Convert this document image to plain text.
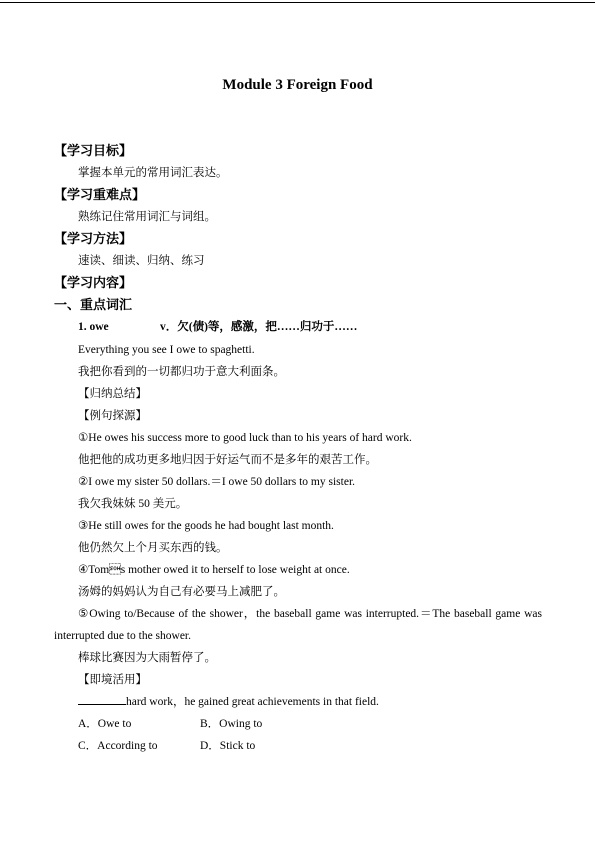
Module 3 Foreign Food
【学习目标】
掌握本单元的常用词汇表达。
【学习重难点】
熟练记住常用词汇与词组。
【学习方法】
速读、细读、归纳、练习
【学习内容】
一、重点词汇
1. owe	v．欠(债)等，感激，把……归功于……
Everything you see I owe to spaghetti.
我把你看到的一切都归功于意大利面条。
【归纳总结】
【例句探源】
①He owes his success more to good luck than to his years of hard work.
他把他的成功更多地归因于好运气而不是多年的艰苦工作。
②I owe my sister 50 dollars.＝I owe 50 dollars to my sister.
我欠我妹妹 50 美元。
③He still owes for the goods he had bought last month.
他仍然欠上个月买东西的钱。
④Toms mother owed it to herself to lose weight at once.
汤姆的妈妈认为自己有必要马上减肥了。
⑤Owing to/Because of the shower，the baseball game was interrupted.＝The baseball game was interrupted due to the shower.
棒球比赛因为大雨暂停了。
【即境活用】
hard work，he gained great achievements in that field.
A．Owe to	B．Owing to
C．According to	D．Stick to
